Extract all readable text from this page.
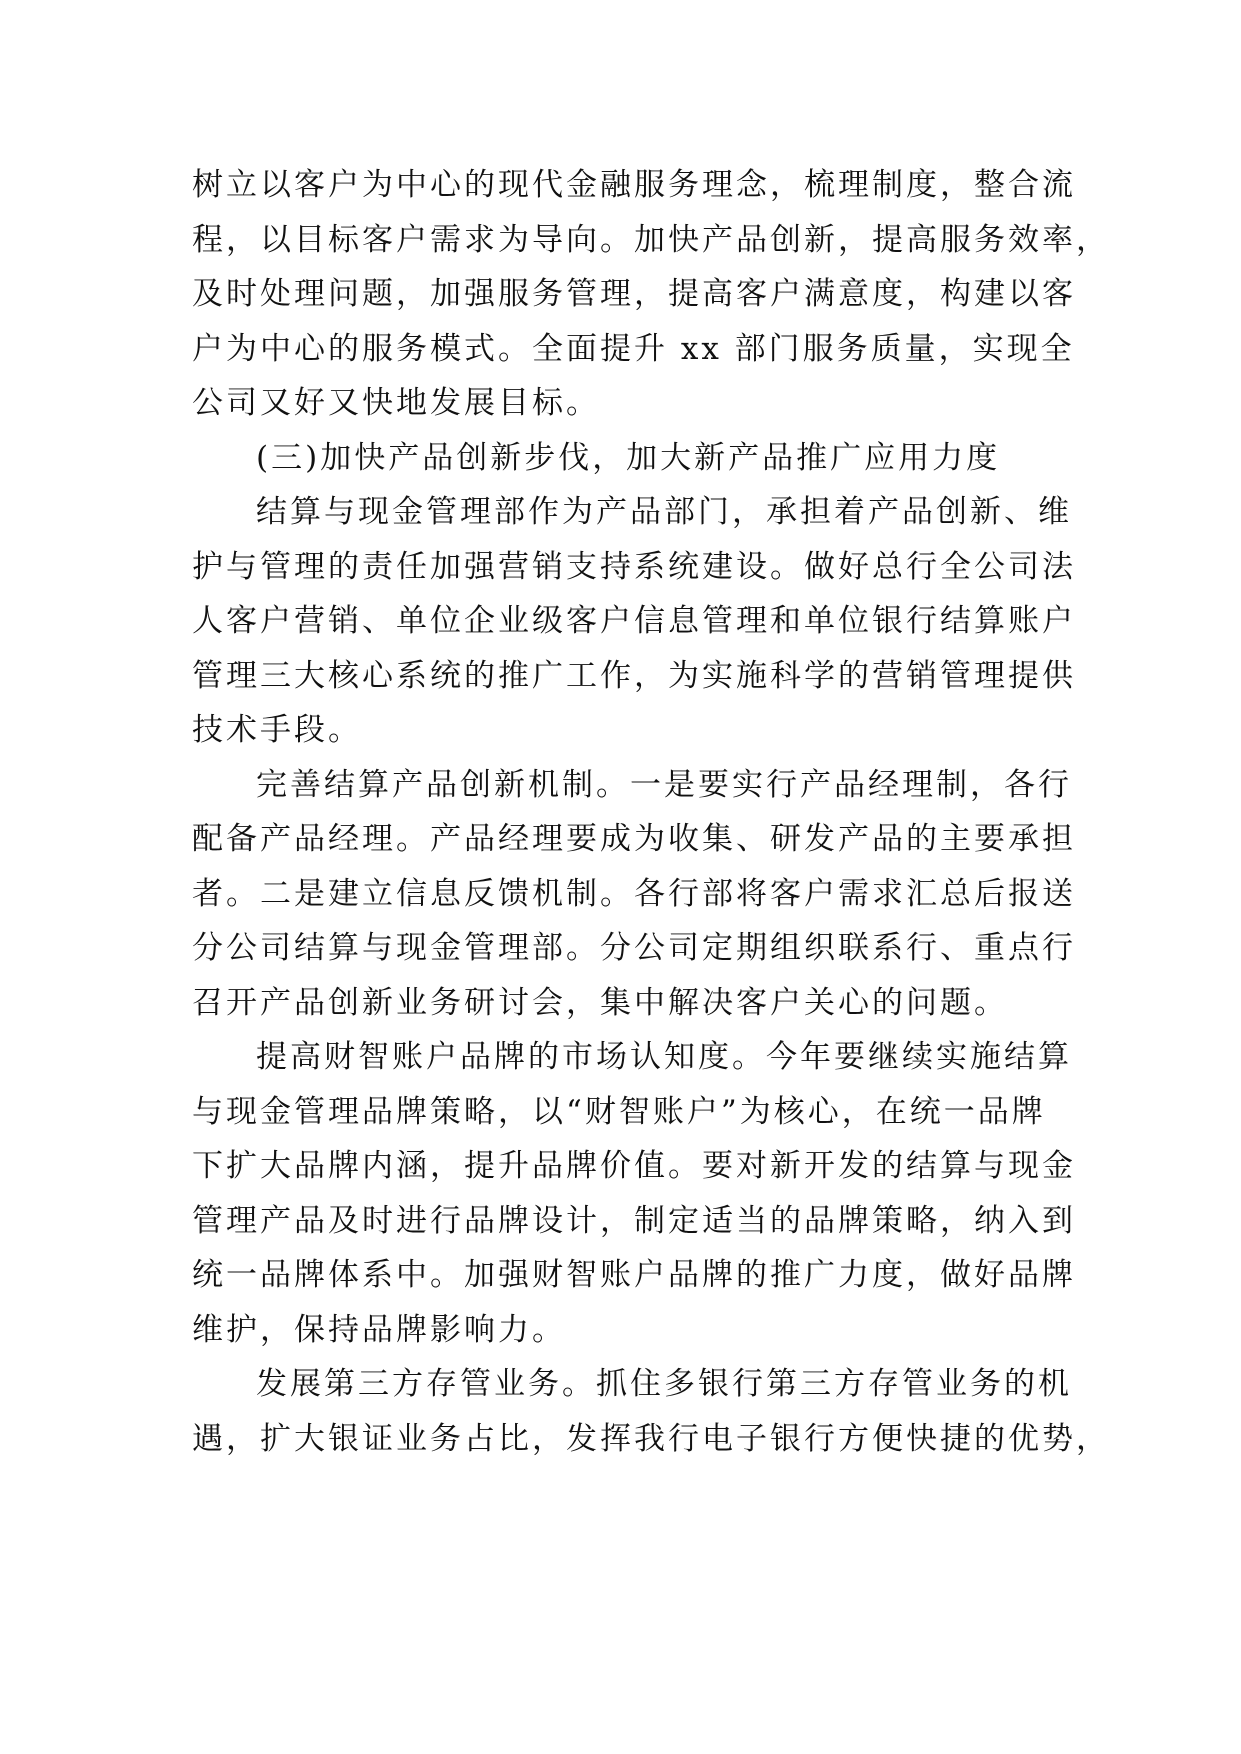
树立以客户为中心的现代金融服务理念，梳理制度，整合流
程，以目标客户需求为导向。加快产品创新，提高服务效率，
及时处理问题，加强服务管理，提高客户满意度，构建以客
户为中心的服务模式。全面提升 xx 部门服务质量，实现全
公司又好又快地发展目标。
(三)加快产品创新步伐，加大新产品推广应用力度
结算与现金管理部作为产品部门，承担着产品创新、维
护与管理的责任加强营销支持系统建设。做好总行全公司法
人客户营销、单位企业级客户信息管理和单位银行结算账户
管理三大核心系统的推广工作，为实施科学的营销管理提供
技术手段。
完善结算产品创新机制。一是要实行产品经理制，各行
配备产品经理。产品经理要成为收集、研发产品的主要承担
者。二是建立信息反馈机制。各行部将客户需求汇总后报送
分公司结算与现金管理部。分公司定期组织联系行、重点行
召开产品创新业务研讨会，集中解决客户关心的问题。
提高财智账户品牌的市场认知度。今年要继续实施结算
与现金管理品牌策略，以“财智账户”为核心，在统一品牌
下扩大品牌内涵，提升品牌价值。要对新开发的结算与现金
管理产品及时进行品牌设计，制定适当的品牌策略，纳入到
统一品牌体系中。加强财智账户品牌的推广力度，做好品牌
维护，保持品牌影响力。
发展第三方存管业务。抓住多银行第三方存管业务的机
遇，扩大银证业务占比，发挥我行电子银行方便快捷的优势，
